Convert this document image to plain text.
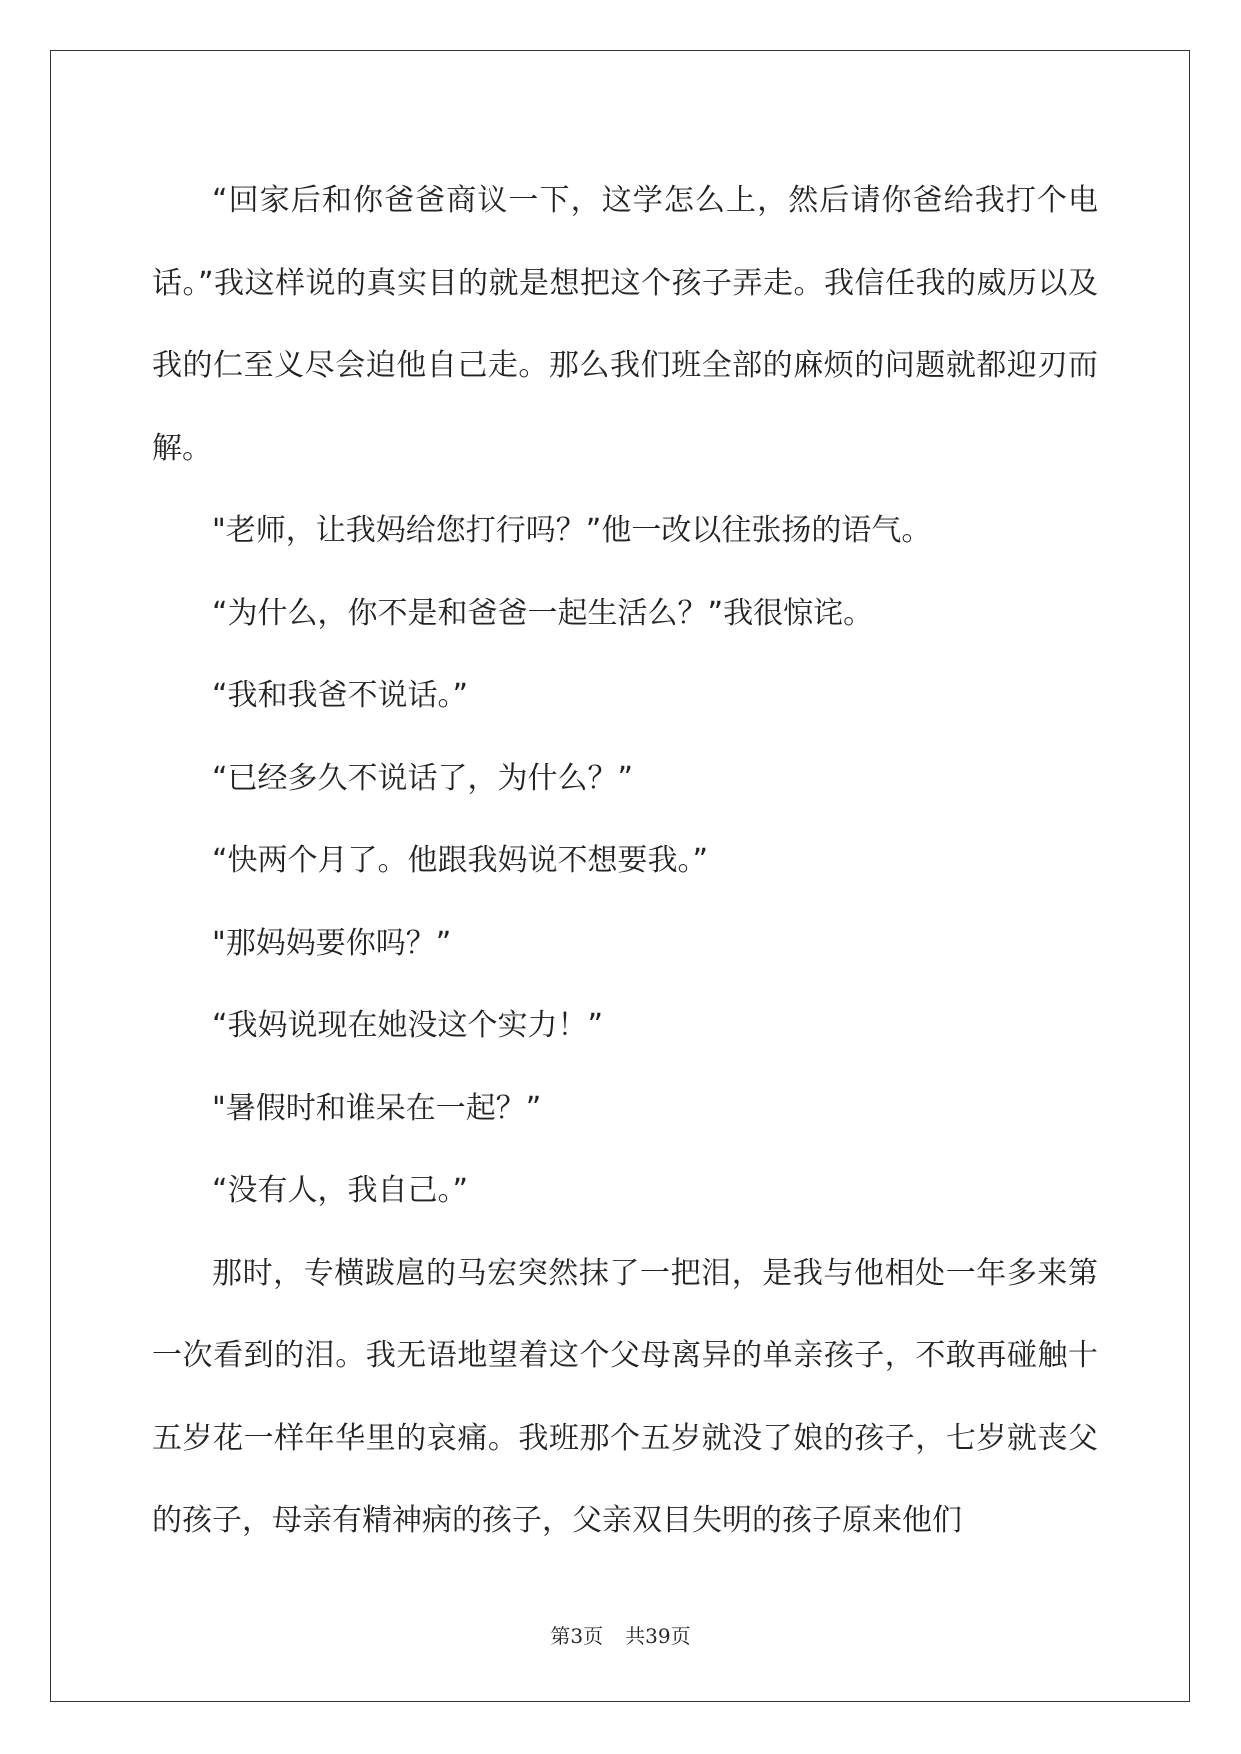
“回家后和你爸爸商议一下，这学怎么上，然后请你爸给我打个电话。”我这样说的真实目的就是想把这个孩子弄走。我信任我的威历以及我的仁至义尽会迫他自己走。那么我们班全部的麻烦的问题就都迎刃而解。

"老师，让我妈给您打行吗？”他一改以往张扬的语气。

“为什么，你不是和爸爸一起生活么？”我很惊诧。

“我和我爸不说话。”

“已经多久不说话了，为什么？”

“快两个月了。他跟我妈说不想要我。”

"那妈妈要你吗？”

“我妈说现在她没这个实力！”

"暑假时和谁呆在一起？”

“没有人，我自己。”

那时，专横跋扈的马宏突然抹了一把泪，是我与他相处一年多来第一次看到的泪。我无语地望着这个父母离异的单亲孩子，不敢再碰触十五岁花一样年华里的哀痛。我班那个五岁就没了娘的孩子，七岁就丧父的孩子，母亲有精神病的孩子，父亲双目失明的孩子原来他们

第3页 共39页
